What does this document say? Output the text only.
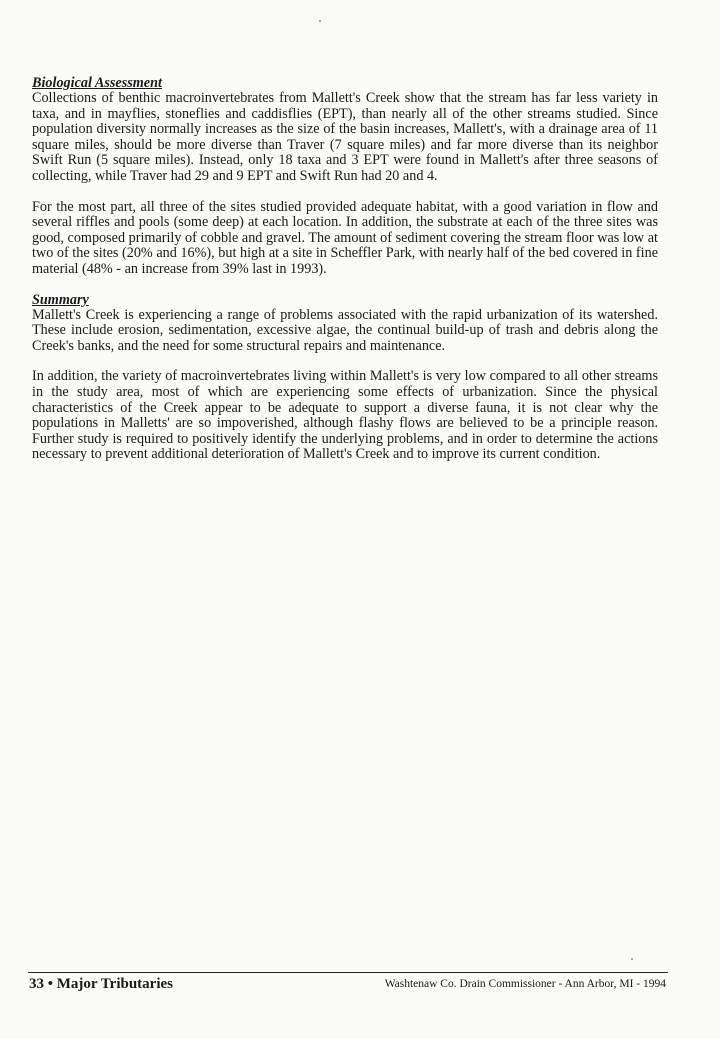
Biological Assessment

Collections of benthic macroinvertebrates from Mallett's Creek show that the stream has far less variety in taxa, and in mayflies, stoneflies and caddisflies (EPT), than nearly all of the other streams studied. Since population diversity normally increases as the size of the basin increases, Mallett's, with a drainage area of 11 square miles, should be more diverse than Traver (7 square miles) and far more diverse than its neighbor Swift Run (5 square miles). Instead, only 18 taxa and 3 EPT were found in Mallett's after three seasons of collecting, while Traver had 29 and 9 EPT and Swift Run had 20 and 4.

For the most part, all three of the sites studied provided adequate habitat, with a good variation in flow and several riffles and pools (some deep) at each location. In addition, the substrate at each of the three sites was good, composed primarily of cobble and gravel. The amount of sediment covering the stream floor was low at two of the sites (20% and 16%), but high at a site in Scheffler Park, with nearly half of the bed covered in fine material (48% - an increase from 39% last in 1993).

Summary

Mallett's Creek is experiencing a range of problems associated with the rapid urbanization of its watershed. These include erosion, sedimentation, excessive algae, the continual build-up of trash and debris along the Creek's banks, and the need for some structural repairs and maintenance.

In addition, the variety of macroinvertebrates living within Mallett's is very low compared to all other streams in the study area, most of which are experiencing some effects of urbanization. Since the physical characteristics of the Creek appear to be adequate to support a diverse fauna, it is not clear why the populations in Malletts' are so impoverished, although flashy flows are believed to be a principle reason. Further study is required to positively identify the underlying problems, and in order to determine the actions necessary to prevent additional deterioration of Mallett's Creek and to improve its current condition.

33 • Major Tributaries	Washtenaw Co. Drain Commissioner - Ann Arbor, MI - 1994
